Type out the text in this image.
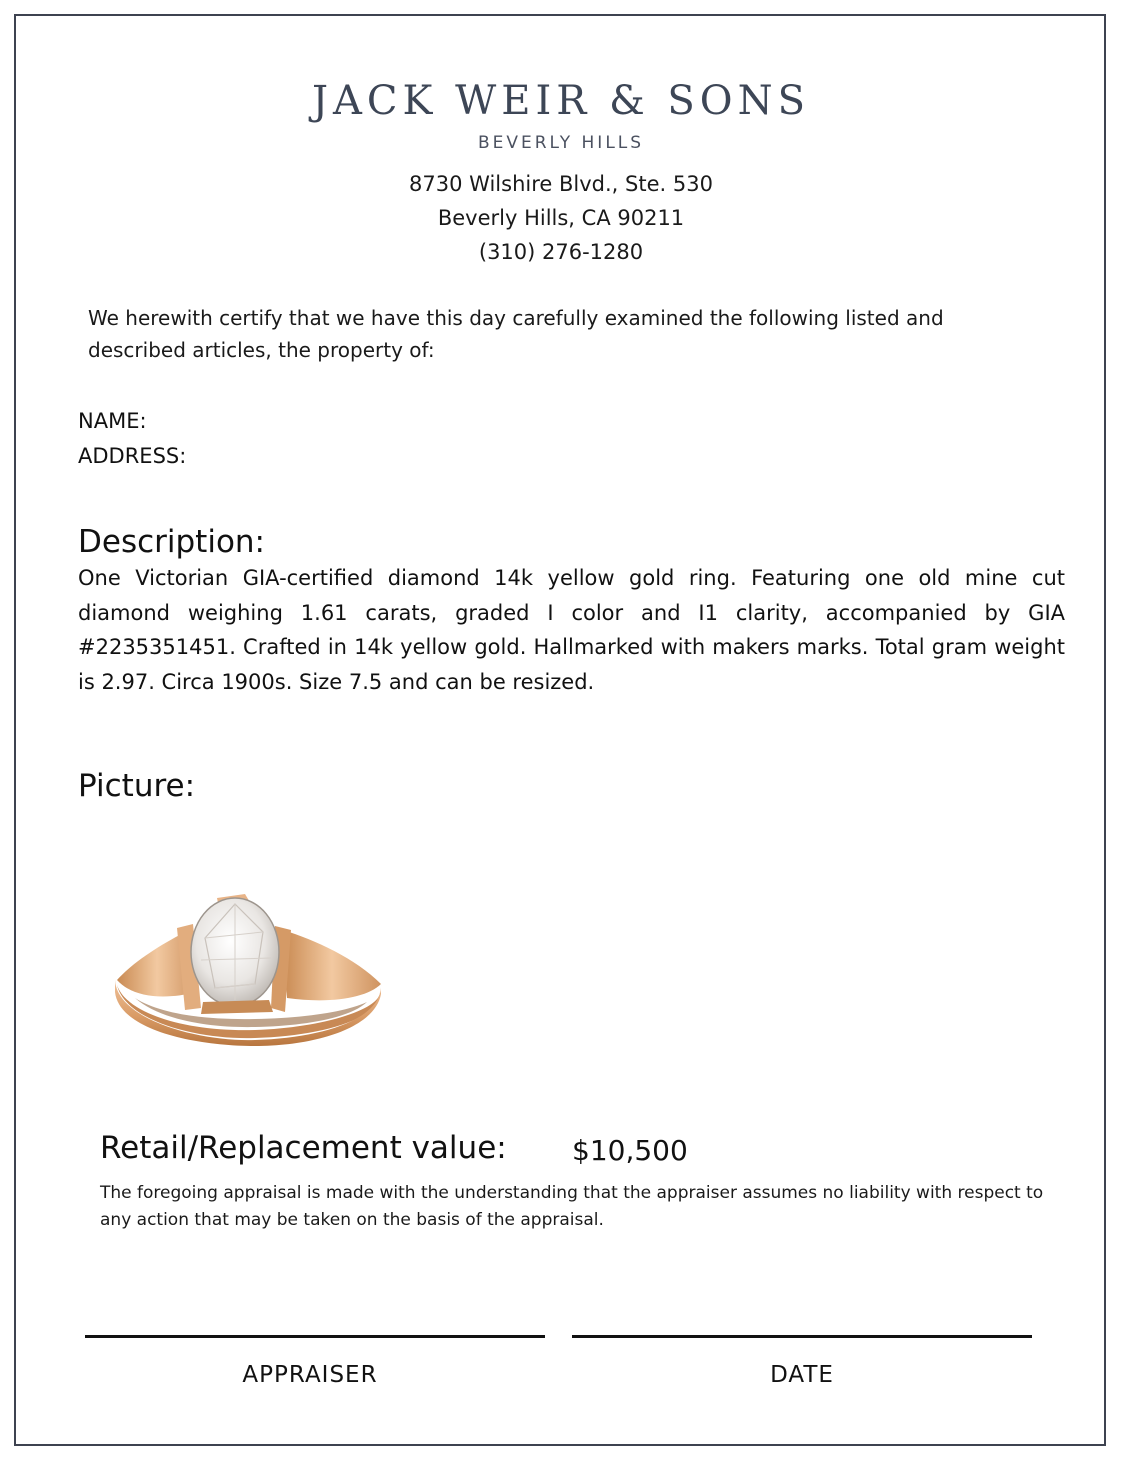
JACK WEIR & SONS
BEVERLY HILLS
8730 Wilshire Blvd., Ste. 530
Beverly Hills, CA 90211
(310) 276-1280
We herewith certify that we have this day carefully examined the following listed and described articles, the property of:
NAME:
ADDRESS:
Description:
One Victorian GIA-certified diamond 14k yellow gold ring. Featuring one old mine cut diamond weighing 1.61 carats, graded I color and I1 clarity, accompanied by GIA #2235351451. Crafted in 14k yellow gold. Hallmarked with makers marks. Total gram weight is 2.97. Circa 1900s. Size 7.5 and can be resized.
Picture:
Retail/Replacement value: $10,500
The foregoing appraisal is made with the understanding that the appraiser assumes no liability with respect to any action that may be taken on the basis of the appraisal.
APPRAISER	DATE
